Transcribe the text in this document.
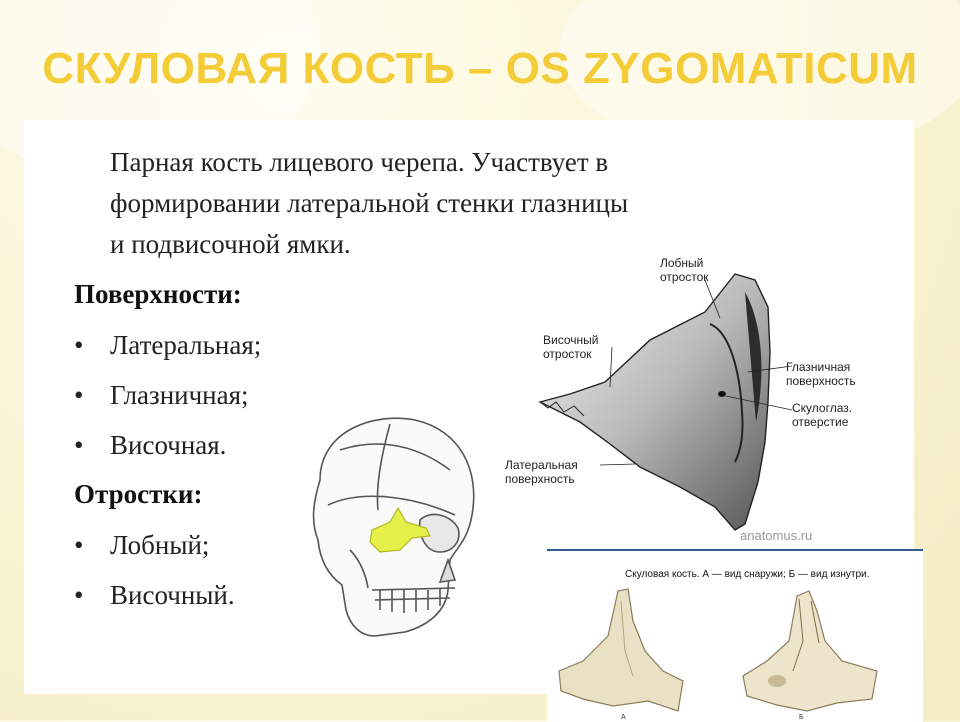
СКУЛОВАЯ КОСТЬ – OS ZYGOMATICUM
Парная кость лицевого черепа. Участвует в
формировании латеральной стенки глазницы
и подвисочной ямки.
Поверхности:
• Латеральная;
• Глазничная;
• Височная.
Отростки:
• Лобный;
• Височный.
Лобный
отросток
Височный
отросток
Глазничная
поверхность
Скулоглаз.
отверстие
Латеральная
поверхность
anatomus.ru
Скуловая кость. А — вид снаружи; Б — вид изнутри.
А	Б
